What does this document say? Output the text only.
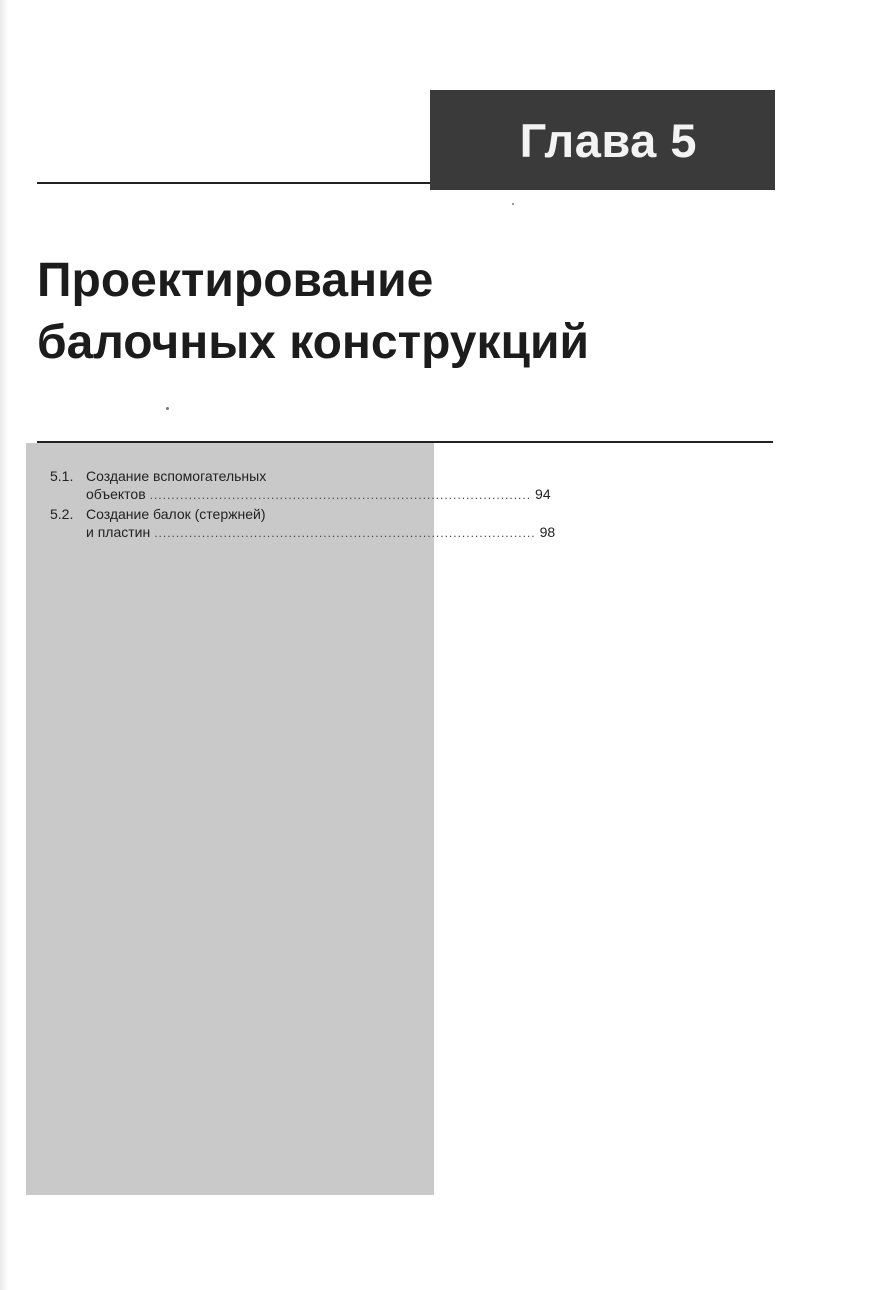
Глава 5
Проектирование
балочных конструкций
5.1. Создание вспомогательных
объектов ........................................................................................ 94
5.2. Создание балок (стержней)
и пластин ........................................................................................ 98
